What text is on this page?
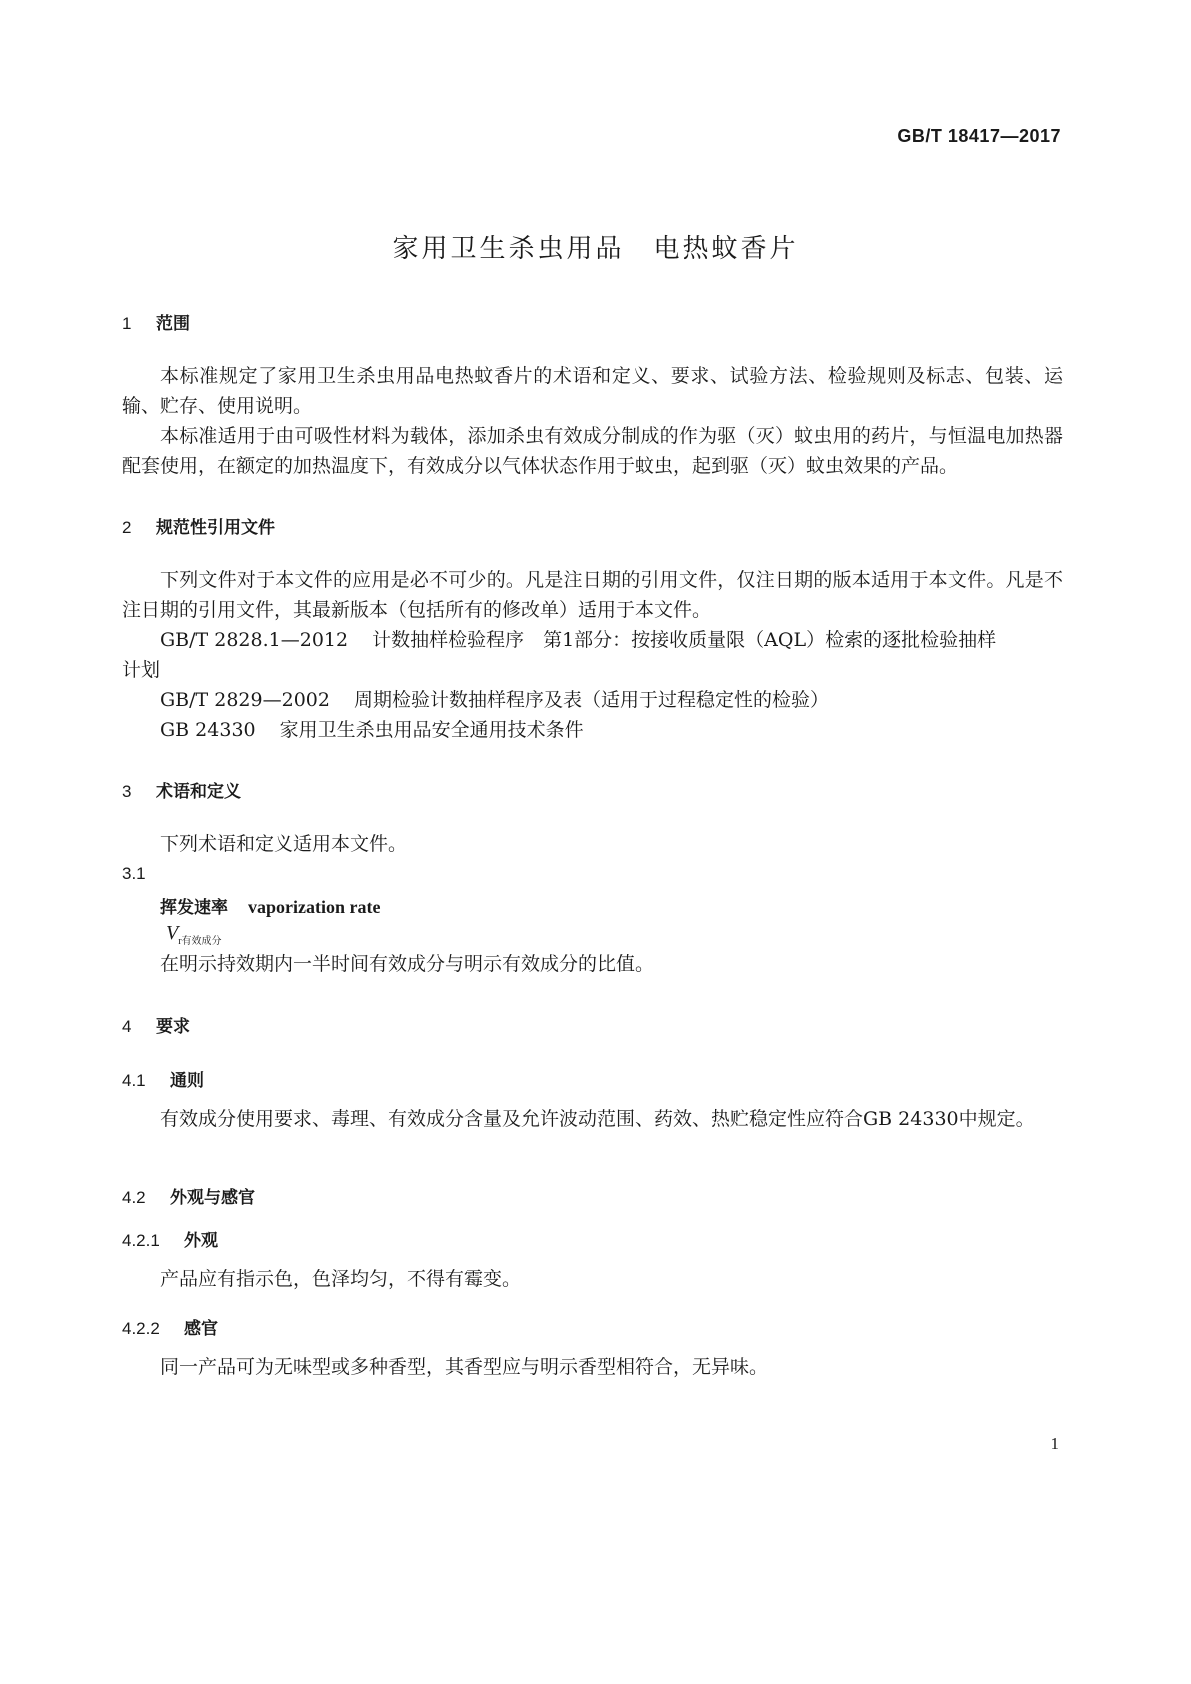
GB/T 18417—2017
家用卫生杀虫用品　电热蚊香片
1 范围
本标准规定了家用卫生杀虫用品电热蚊香片的术语和定义、要求、试验方法、检验规则及标志、包装、运输、贮存、使用说明。
本标准适用于由可吸性材料为载体，添加杀虫有效成分制成的作为驱（灭）蚊虫用的药片，与恒温电加热器配套使用，在额定的加热温度下，有效成分以气体状态作用于蚊虫，起到驱（灭）蚊虫效果的产品。
2 规范性引用文件
下列文件对于本文件的应用是必不可少的。凡是注日期的引用文件，仅注日期的版本适用于本文件。凡是不注日期的引用文件，其最新版本（包括所有的修改单）适用于本文件。
GB/T 2828.1—2012 计数抽样检验程序　第1部分：按接收质量限（AQL）检索的逐批检验抽样
计划
GB/T 2829—2002 周期检验计数抽样程序及表（适用于过程稳定性的检验）
GB 24330 家用卫生杀虫用品安全通用技术条件
3 术语和定义
下列术语和定义适用本文件。
3.1
挥发速率 vaporization rate
$V_{r有效成分}$
在明示持效期内一半时间有效成分与明示有效成分的比值。
4 要求
4.1 通则
有效成分使用要求、毒理、有效成分含量及允许波动范围、药效、热贮稳定性应符合GB 24330中规定。
4.2 外观与感官
4.2.1 外观
产品应有指示色，色泽均匀，不得有霉变。
4.2.2 感官
同一产品可为无味型或多种香型，其香型应与明示香型相符合，无异味。
1
